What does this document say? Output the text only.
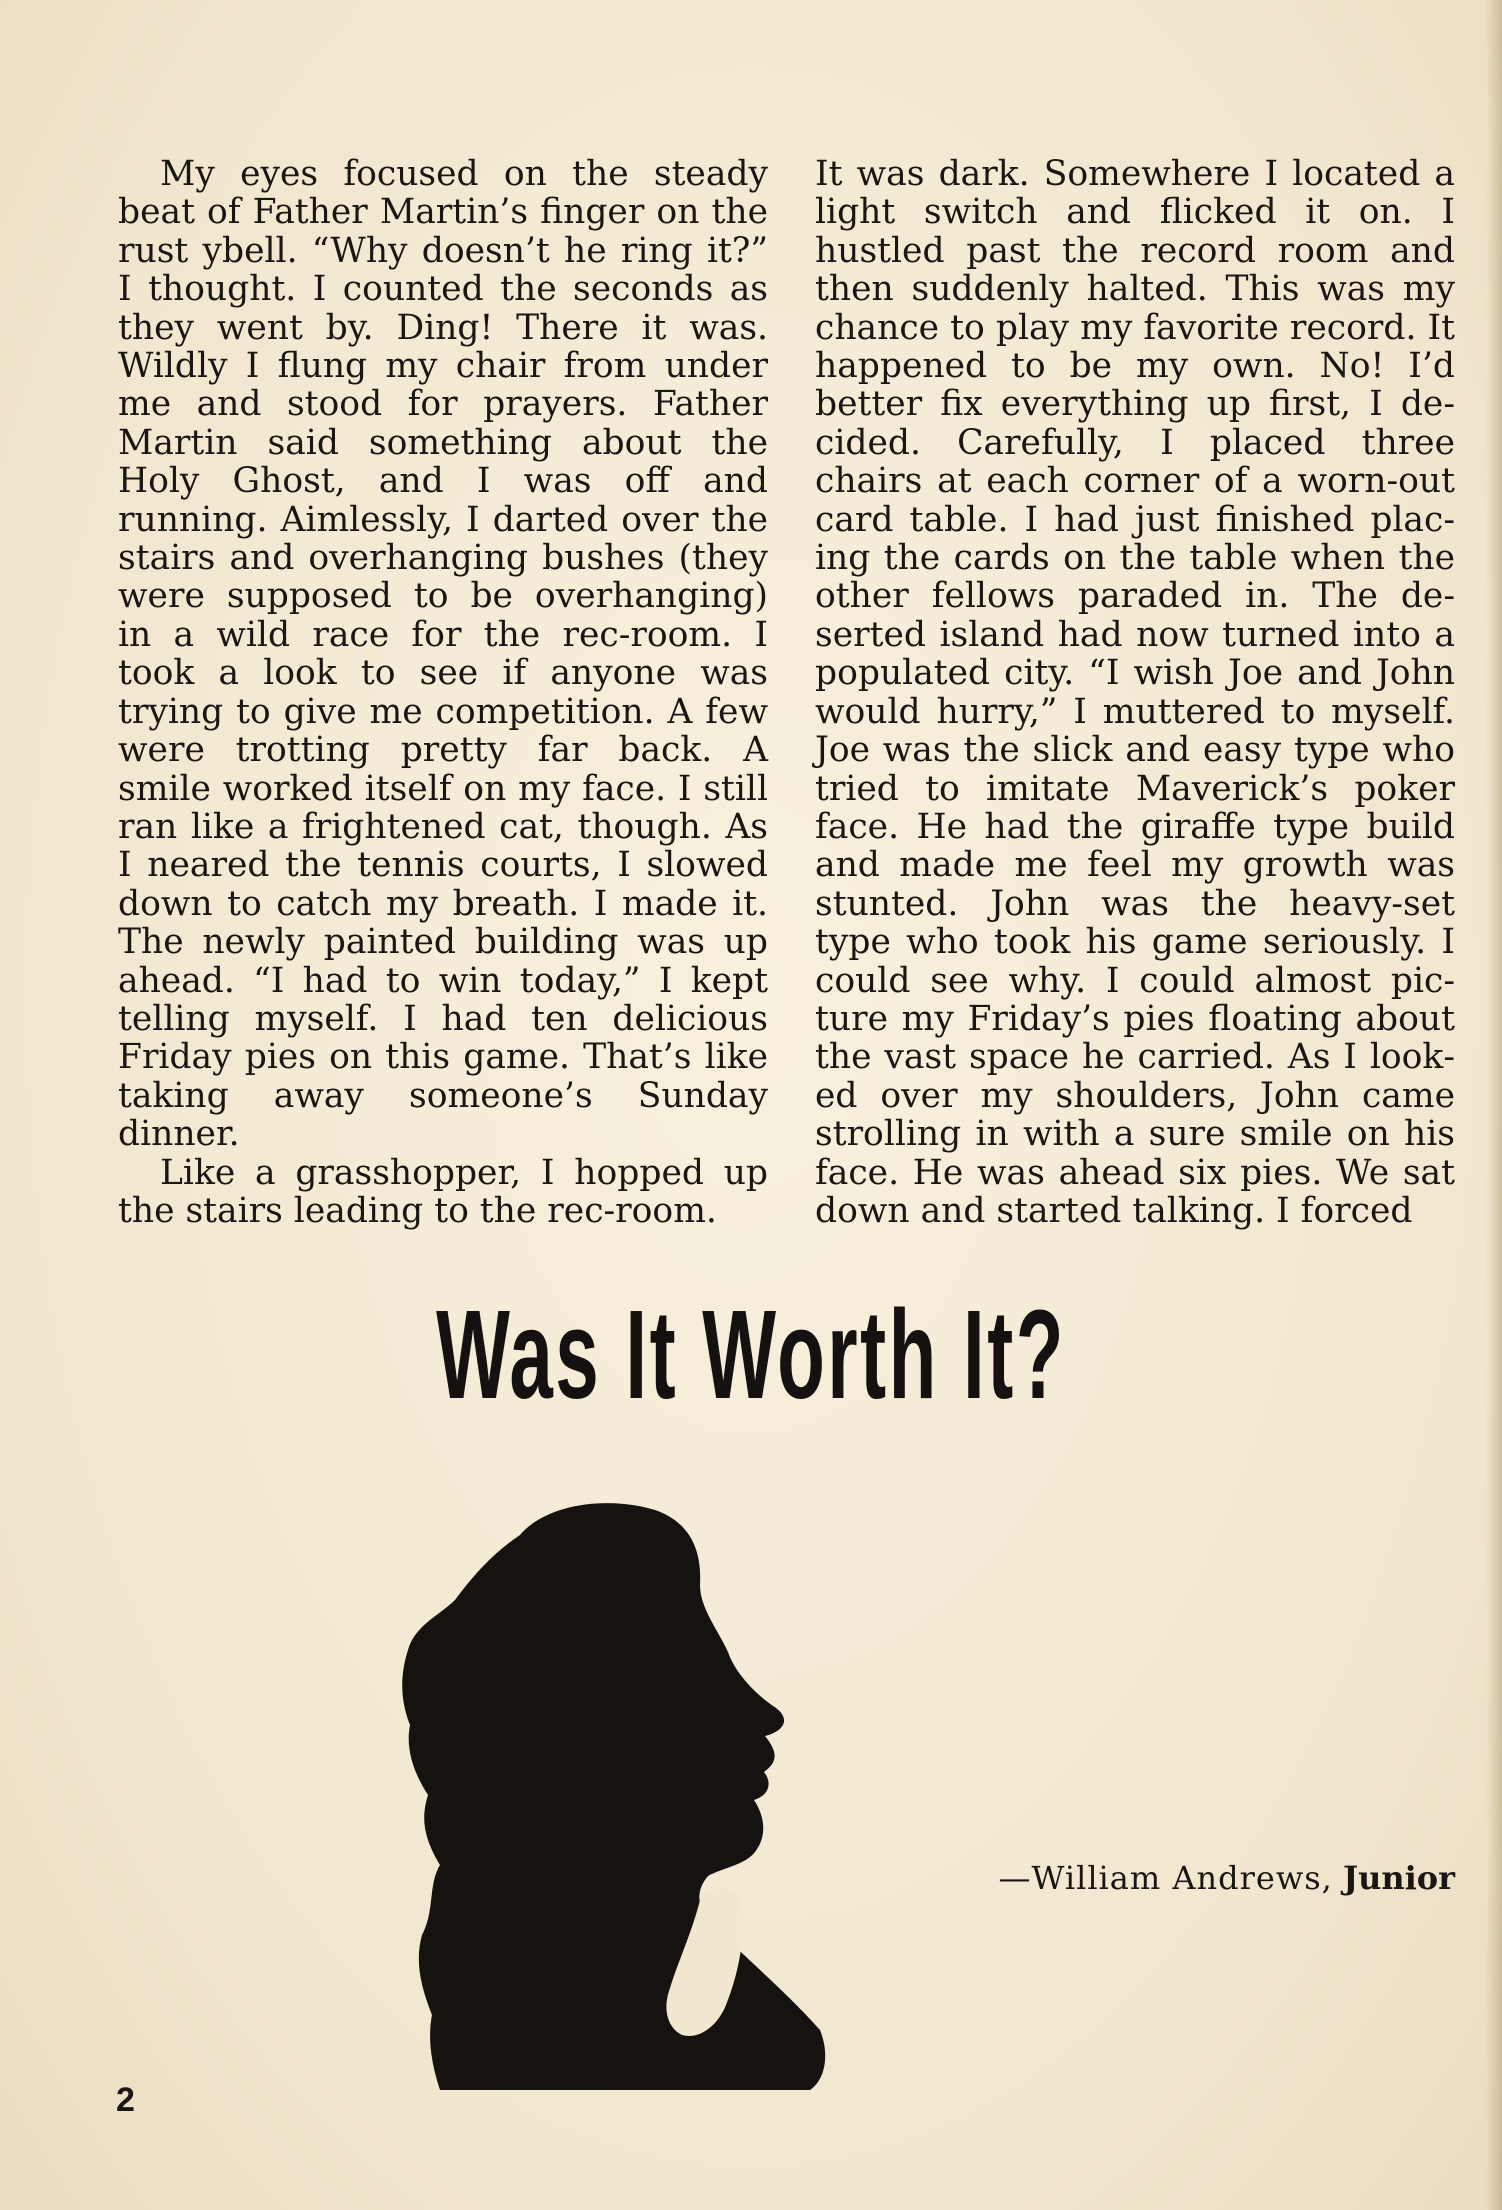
My eyes focused on the steady beat of Father Martin’s finger on the rust ybell. “Why doesn’t he ring it?” I thought. I counted the seconds as they went by. Ding! There it was. Wildly I flung my chair from under me and stood for prayers. Father Martin said something about the Holy Ghost, and I was off and running. Aimlessly, I darted over the stairs and overhanging bushes (they were supposed to be overhanging) in a wild race for the rec-room. I took a look to see if anyone was trying to give me competition. A few were trotting pretty far back. A smile worked itself on my face. I still ran like a frightened cat, though. As I neared the tennis courts, I slowed down to catch my breath. I made it. The newly painted building was up ahead. “I had to win today,” I kept telling myself. I had ten delicious Friday pies on this game. That’s like taking away someone’s Sunday dinner.

Like a grasshopper, I hopped up the stairs leading to the rec-room.

It was dark. Somewhere I located a light switch and flicked it on. I hustled past the record room and then suddenly halted. This was my chance to play my favorite record. It happened to be my own. No! I’d better fix everything up first, I decided. Carefully, I placed three chairs at each corner of a worn-out card table. I had just finished placing the cards on the table when the other fellows paraded in. The deserted island had now turned into a populated city. “I wish Joe and John would hurry,” I muttered to myself. Joe was the slick and easy type who tried to imitate Maverick’s poker face. He had the giraffe type build and made me feel my growth was stunted. John was the heavy-set type who took his game seriously. I could see why. I could almost picture my Friday’s pies floating about the vast space he carried. As I looked over my shoulders, John came strolling in with a sure smile on his face. He was ahead six pies. We sat down and started talking. I forced

Was It Worth It?
—William Andrews, Junior
2
